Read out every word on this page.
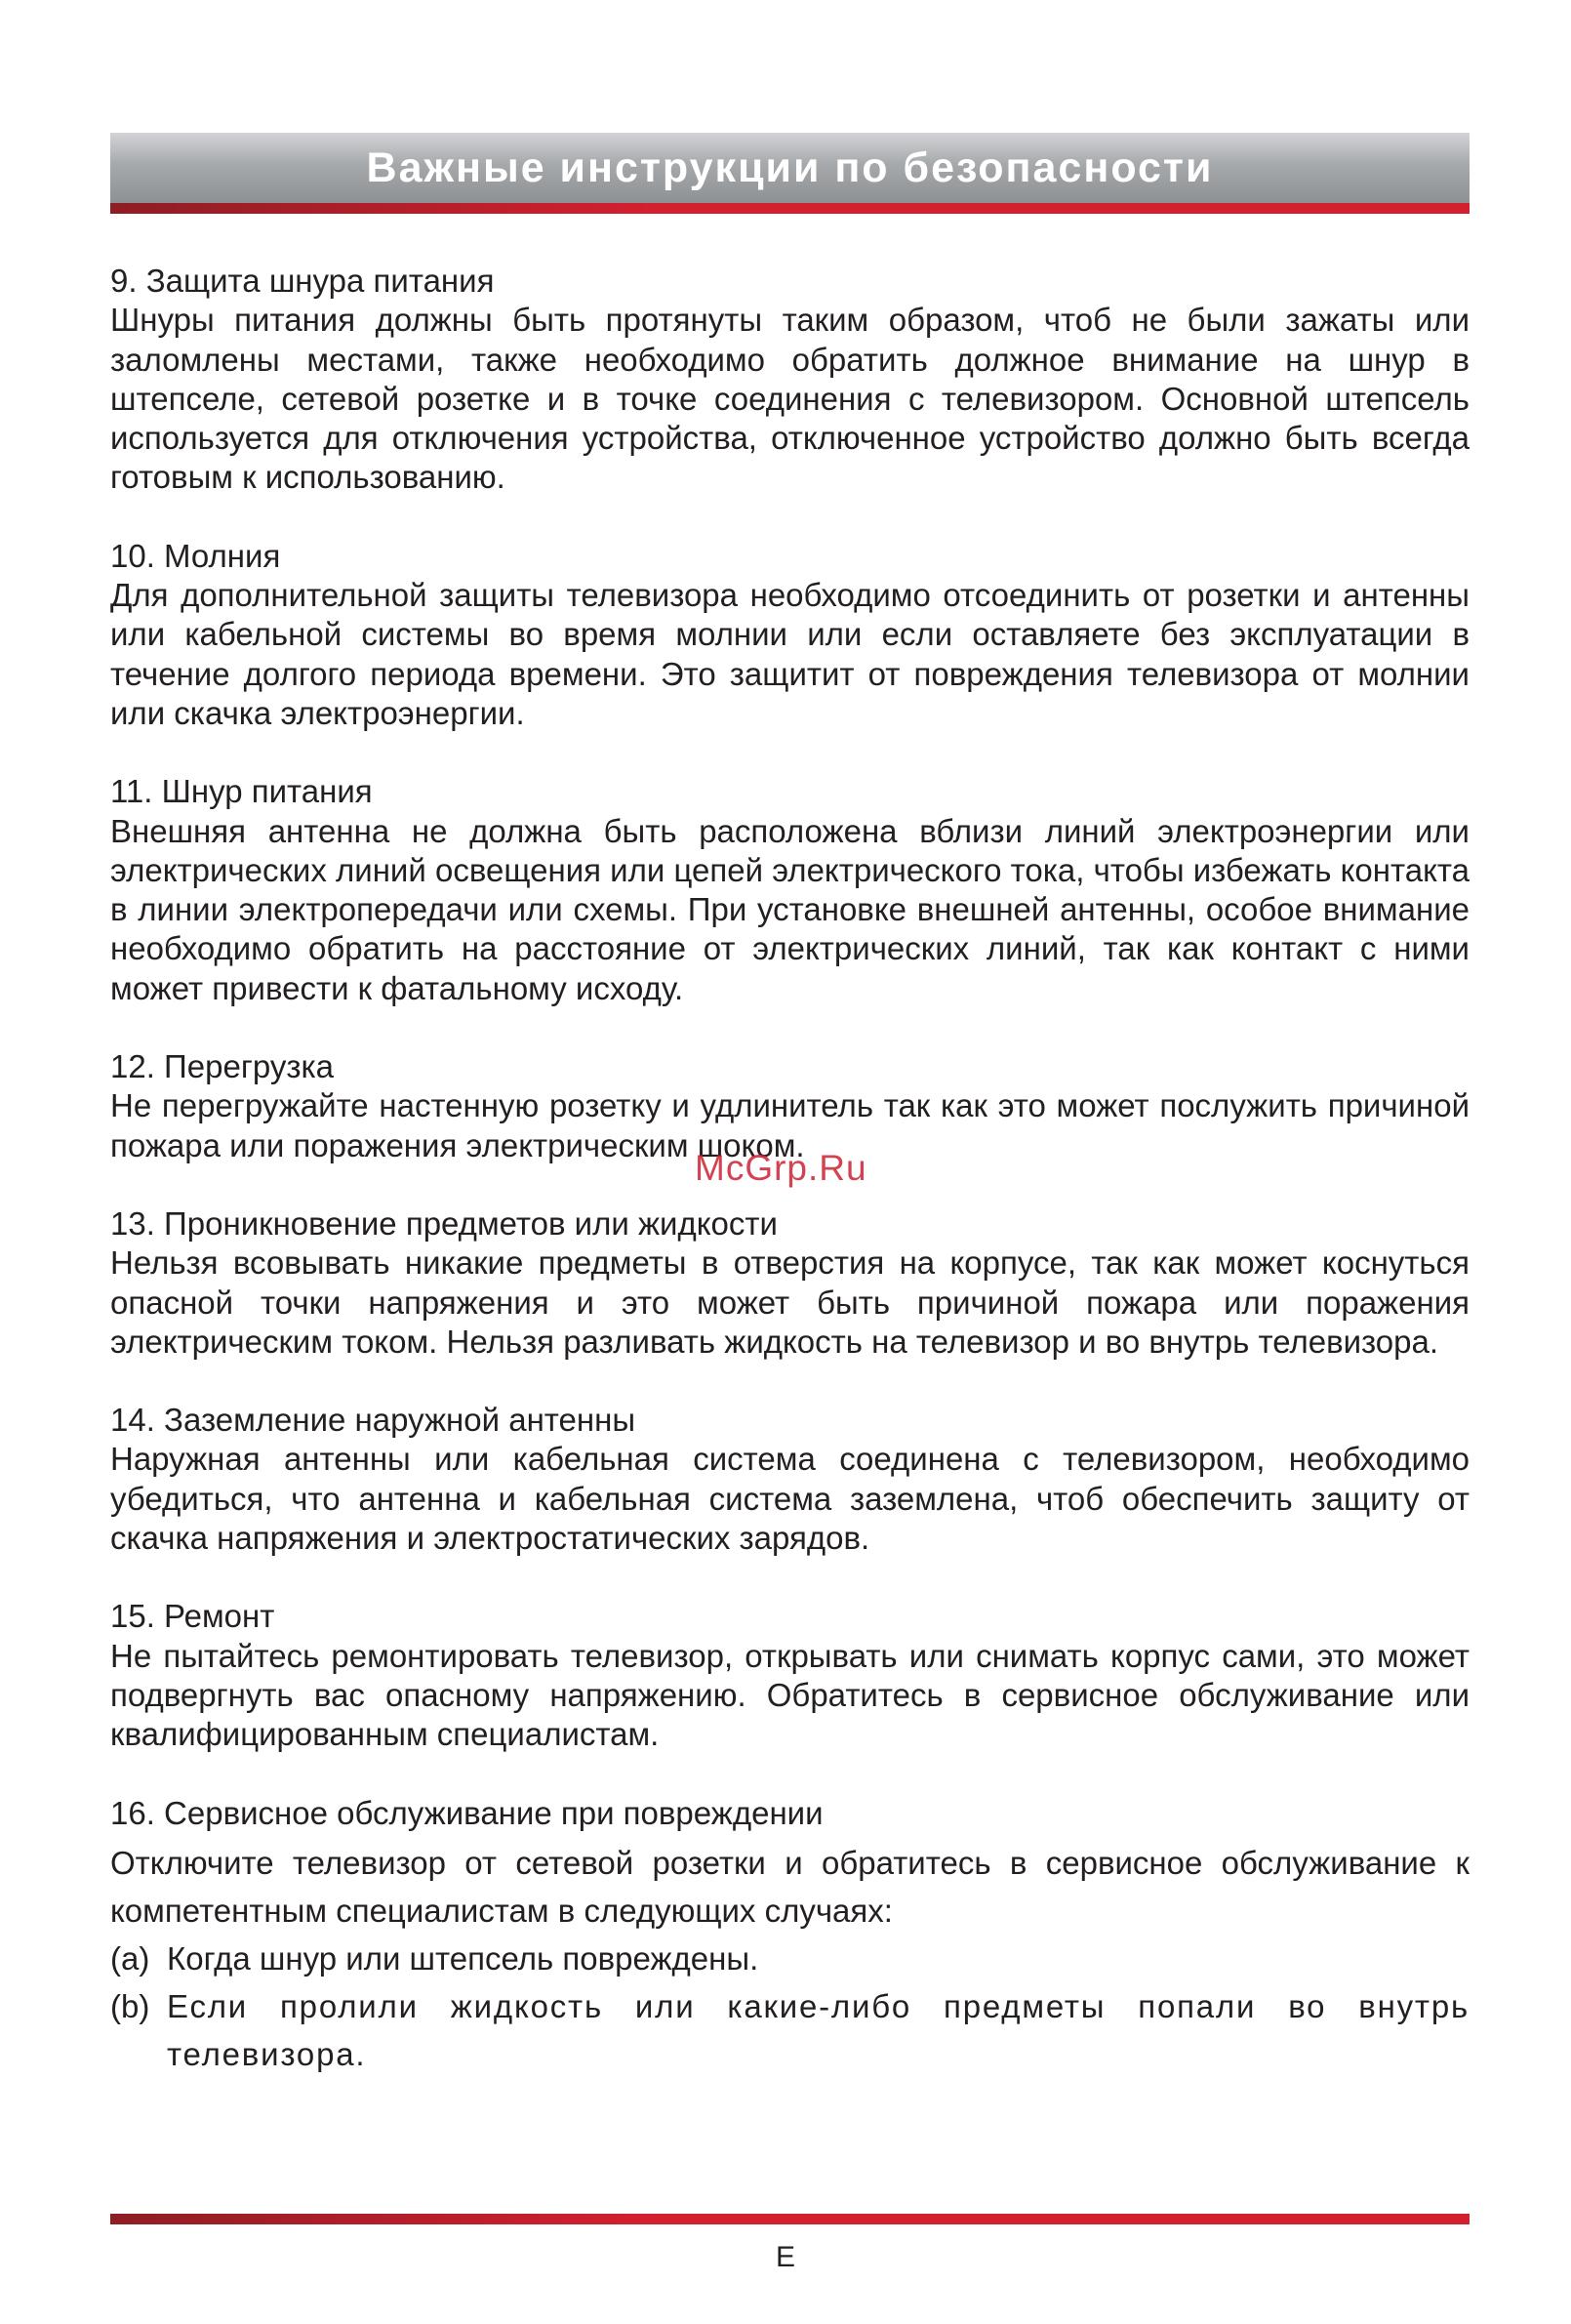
Важные инструкции по безопасности
9. Защита шнура питания
Шнуры питания должны быть протянуты таким образом, чтоб не были зажаты или заломлены местами, также необходимо обратить должное внимание на шнур в штепселе, сетевой розетке и в точке соединения с телевизором. Основной штепсель используется для отключения устройства, отключенное устройство должно быть всегда готовым к использованию.
10. Молния
Для дополнительной защиты телевизора необходимо отсоединить от розетки и антенны или кабельной системы во время молнии или если оставляете без эксплуатации в течение долгого периода времени. Это защитит от повреждения телевизора от молнии или скачка электроэнергии.
11. Шнур питания
Внешняя антенна не должна быть расположена вблизи линий электроэнергии или электрических линий освещения или цепей электрического тока, чтобы избежать контакта в линии электропередачи или схемы. При установке внешней антенны, особое внимание необходимо обратить на расстояние от электрических линий, так как контакт с ними может привести к фатальному исходу.
12. Перегрузка
Не перегружайте настенную розетку и удлинитель так как это может послужить причиной пожара или поражения электрическим шоком.
13. Проникновение предметов или жидкости
Нельзя всовывать никакие предметы в отверстия на корпусе, так как может коснуться опасной точки напряжения и это может быть причиной пожара или поражения электрическим током. Нельзя разливать жидкость на телевизор и во внутрь телевизора.
14. Заземление наружной антенны
Наружная антенны или кабельная система соединена с телевизором, необходимо убедиться, что антенна и кабельная система заземлена, чтоб обеспечить защиту от скачка напряжения и электростатических зарядов.
15. Ремонт
Не пытайтесь ремонтировать телевизор, открывать или снимать корпус сами, это может подвергнуть вас опасному напряжению. Обратитесь в сервисное обслуживание или квалифицированным специалистам.
16. Сервисное обслуживание при повреждении
Отключите телевизор от сетевой розетки и обратитесь в сервисное обслуживание к компетентным специалистам в следующих случаях:
(a) Когда шнур или штепсель повреждены.
(b) Если пролили жидкость или какие-либо предметы попали во внутрь телевизора.
McGrp.Ru
E
